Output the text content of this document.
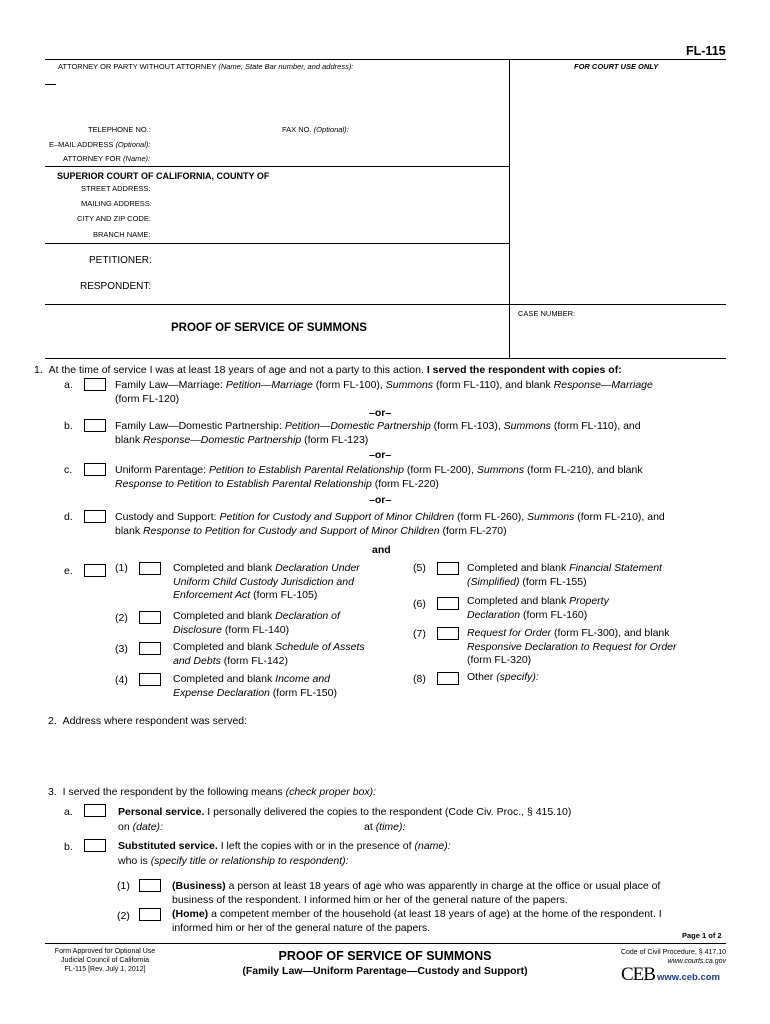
FL-115
ATTORNEY OR PARTY WITHOUT ATTORNEY (Name, State Bar number, and address):	FOR COURT USE ONLY
TELEPHONE NO.:	FAX NO. (Optional):
E–MAIL ADDRESS (Optional):
ATTORNEY FOR (Name):
SUPERIOR COURT OF CALIFORNIA, COUNTY OF
STREET ADDRESS:
MAILING ADDRESS:
CITY AND ZIP CODE:
BRANCH NAME:
PETITIONER:
RESPONDENT:
CASE NUMBER:
PROOF OF SERVICE OF SUMMONS
1. At the time of service I was at least 18 years of age and not a party to this action. I served the respondent with copies of:
a.	Family Law—Marriage: Petition—Marriage (form FL-100), Summons (form FL-110), and blank Response—Marriage
(form FL-120)
–or–
b.	Family Law—Domestic Partnership: Petition—Domestic Partnership (form FL-103), Summons (form FL-110), and
blank Response—Domestic Partnership (form FL-123)
–or–
c.	Uniform Parentage: Petition to Establish Parental Relationship (form FL-200), Summons (form FL-210), and blank
Response to Petition to Establish Parental Relationship (form FL-220)
–or–
d.	Custody and Support: Petition for Custody and Support of Minor Children (form FL-260), Summons (form FL-210), and
blank Response to Petition for Custody and Support of Minor Children (form FL-270)
and
e.	(1)	Completed and blank Declaration Under
Uniform Child Custody Jurisdiction and
Enforcement Act (form FL-105)
(2)	Completed and blank Declaration of
Disclosure (form FL-140)
(3)	Completed and blank Schedule of Assets
and Debts (form FL-142)
(4)	Completed and blank Income and
Expense Declaration (form FL-150)
(5)	Completed and blank Financial Statement
(Simplified) (form FL-155)
(6)	Completed and blank Property
Declaration (form FL-160)
(7)	Request for Order (form FL-300), and blank
Responsive Declaration to Request for Order
(form FL-320)
(8)	Other (specify):
2. Address where respondent was served:
3. I served the respondent by the following means (check proper box):
a.	Personal service. I personally delivered the copies to the respondent (Code Civ. Proc., § 415.10)
on (date):	at (time):
b.	Substituted service. I left the copies with or in the presence of (name):
who is (specify title or relationship to respondent):
(1)	(Business) a person at least 18 years of age who was apparently in charge at the office or usual place of
business of the respondent. I informed him or her of the general nature of the papers.
(2)	(Home) a competent member of the household (at least 18 years of age) at the home of the respondent. I
informed him or her of the general nature of the papers.
Page 1 of 2
Form Approved for Optional Use
Judicial Council of California
FL-115 [Rev. July 1, 2012]
PROOF OF SERVICE OF SUMMONS
(Family Law—Uniform Parentage—Custody and Support)
Code of Civil Procedure, § 417.10
www.courts.ca.gov
CEB www.ceb.com
